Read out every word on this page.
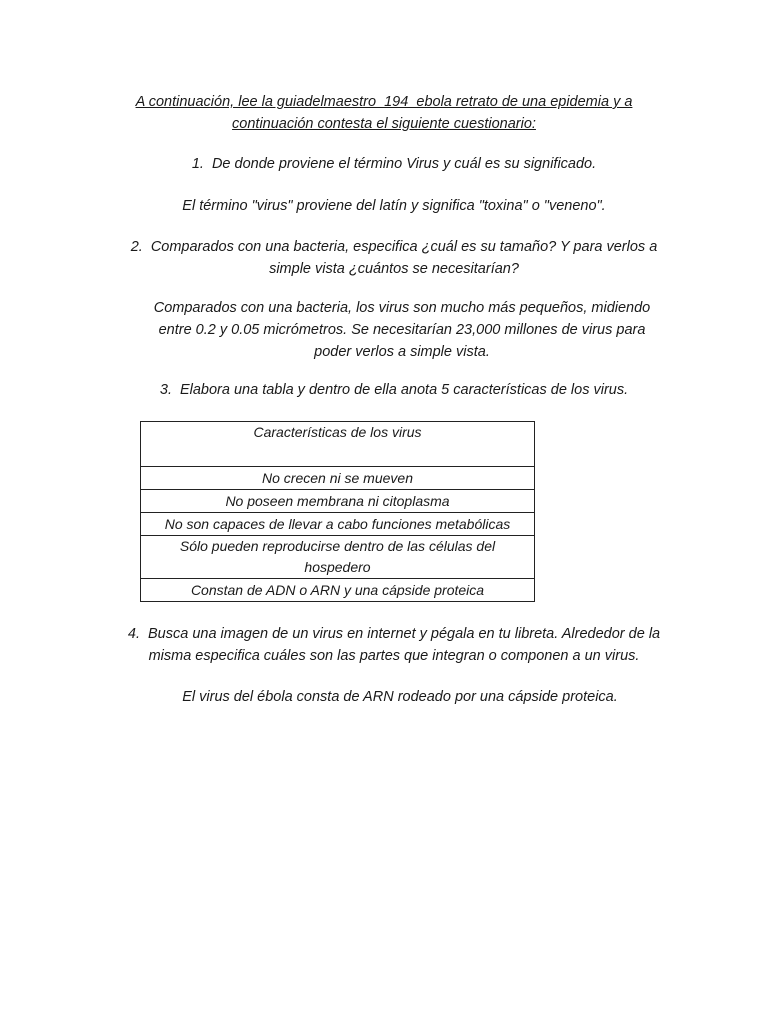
A continuación, lee la guiadelmaestro_194_ebola retrato de una epidemia y a continuación contesta el siguiente cuestionario:

1. De donde proviene el término Virus y cuál es su significado.

El término "virus" proviene del latín y significa "toxina" o "veneno".

2. Comparados con una bacteria, especifica ¿cuál es su tamaño? Y para verlos a simple vista ¿cuántos se necesitarían?

Comparados con una bacteria, los virus son mucho más pequeños, midiendo entre 0.2 y 0.05 micrómetros. Se necesitarían 23,000 millones de virus para poder verlos a simple vista.

3. Elabora una tabla y dentro de ella anota 5 características de los virus.

Características de los virus
No crecen ni se mueven
No poseen membrana ni citoplasma
No son capaces de llevar a cabo funciones metabólicas
Sólo pueden reproducirse dentro de las células del hospedero
Constan de ADN o ARN y una cápside proteica

4. Busca una imagen de un virus en internet y pégala en tu libreta. Alrededor de la misma especifica cuáles son las partes que integran o componen a un virus.

El virus del ébola consta de ARN rodeado por una cápside proteica.
